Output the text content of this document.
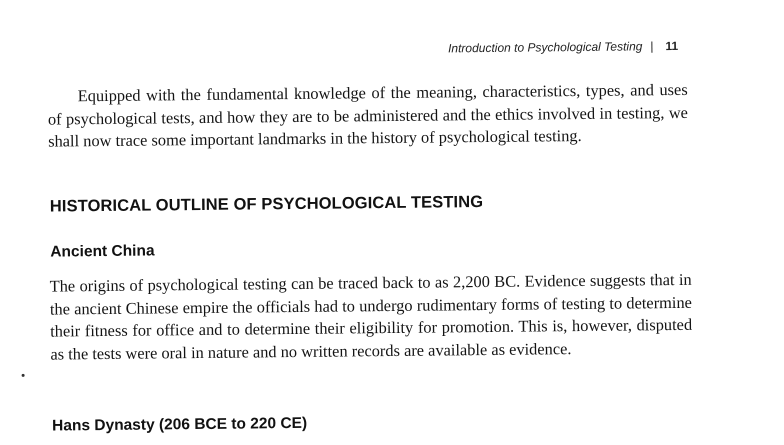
Introduction to Psychological Testing | 11

Equipped with the fundamental knowledge of the meaning, characteristics, types, and uses of psychological tests, and how they are to be administered and the ethics involved in testing, we shall now trace some important landmarks in the history of psychological testing.

HISTORICAL OUTLINE OF PSYCHOLOGICAL TESTING
Ancient China

The origins of psychological testing can be traced back to as 2,200 BC. Evidence suggests that in the ancient Chinese empire the officials had to undergo rudimentary forms of testing to determine their fitness for office and to determine their eligibility for promotion. This is, however, disputed as the tests were oral in nature and no written records are available as evidence.

Hans Dynasty (206 BCE to 220 CE)
